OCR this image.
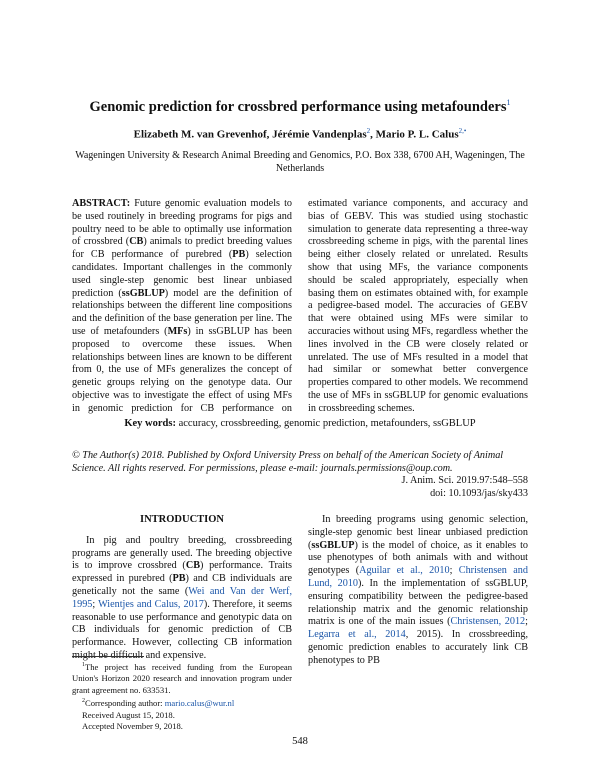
Genomic prediction for crossbred performance using metafounders$^1$
Elizabeth M. van Grevenhof, Jérémie Vandenplas$^2$, Mario P. L. Calus$^{2,•}$
Wageningen University & Research Animal Breeding and Genomics, P.O. Box 338, 6700 AH, Wageningen, The Netherlands

ABSTRACT: Future genomic evaluation models to be used routinely in breeding programs for pigs and poultry need to be able to optimally use information of crossbred (CB) animals to predict breeding values for CB performance of purebred (PB) selection candidates. Important challenges in the commonly used single-step genomic best linear unbiased prediction (ssGBLUP) model are the definition of relationships between the different line compositions and the definition of the base generation per line. The use of metafounders (MFs) in ssGBLUP has been proposed to overcome these issues. When relationships between lines are known to be different from 0, the use of MFs generalizes the concept of genetic groups relying on the genotype data. Our objective was to investigate the effect of using MFs in genomic prediction for CB performance on estimated variance components, and accuracy and bias of GEBV. This was studied using stochastic simulation to generate data representing a three-way crossbreeding scheme in pigs, with the parental lines being either closely related or unrelated. Results show that using MFs, the variance components should be scaled appropriately, especially when basing them on estimates obtained with, for example a pedigree-based model. The accuracies of GEBV that were obtained using MFs were similar to accuracies without using MFs, regardless whether the lines involved in the CB were closely related or unrelated. The use of MFs resulted in a model that had similar or somewhat better convergence properties compared to other models. We recommend the use of MFs in ssGBLUP for genomic evaluations in crossbreeding schemes.

Key words: accuracy, crossbreeding, genomic prediction, metafounders, ssGBLUP
© The Author(s) 2018. Published by Oxford University Press on behalf of the American Society of Animal Science. All rights reserved. For permissions, please e-mail: journals.permissions@oup.com.
J. Anim. Sci. 2019.97:548–558
doi: 10.1093/jas/sky433
INTRODUCTION

In pig and poultry breeding, crossbreeding programs are generally used. The breeding objective is to improve crossbred (CB) performance. Traits expressed in purebred (PB) and CB individuals are genetically not the same (Wei and Van der Werf, 1995; Wientjes and Calus, 2017). Therefore, it seems reasonable to use performance and genotypic data on CB individuals for genomic prediction of CB performance. However, collecting CB information might be difficult and expensive.

$^1$The project has received funding from the European Union's Horizon 2020 research and innovation program under grant agreement no. 633531.
$^2$Corresponding author: mario.calus@wur.nl
Received August 15, 2018.
Accepted November 9, 2018.

In breeding programs using genomic selection, single-step genomic best linear unbiased prediction (ssGBLUP) is the model of choice, as it enables to use phenotypes of both animals with and without genotypes (Aguilar et al., 2010; Christensen and Lund, 2010). In the implementation of ssGBLUP, ensuring compatibility between the pedigree-based relationship matrix and the genomic relationship matrix is one of the main issues (Christensen, 2012; Legarra et al., 2014, 2015). In crossbreeding, genomic prediction enables to accurately link CB phenotypes to PB

548
